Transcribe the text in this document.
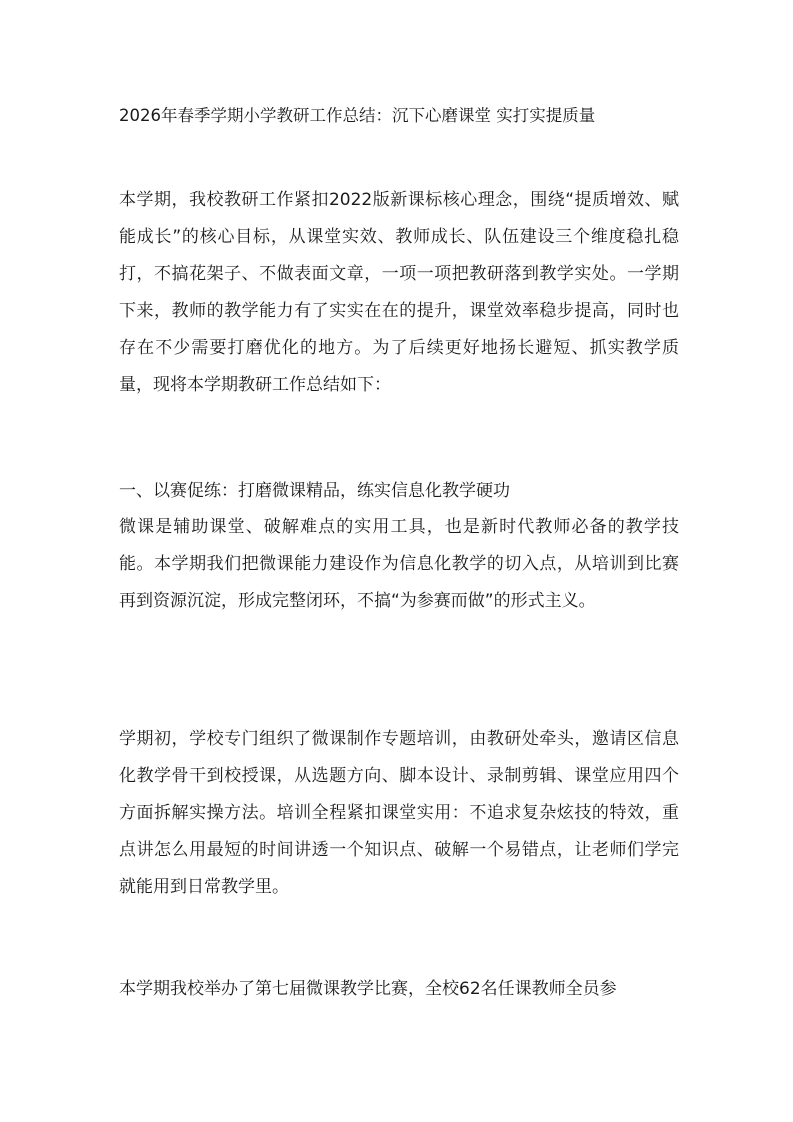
2026年春季学期小学教研工作总结：沉下心磨课堂 实打实提质量

本学期，我校教研工作紧扣2022版新课标核心理念，围绕“提质增效、赋能成长”的核心目标，从课堂实效、教师成长、队伍建设三个维度稳扎稳打，不搞花架子、不做表面文章，一项一项把教研落到教学实处。一学期下来，教师的教学能力有了实实在在的提升，课堂效率稳步提高，同时也存在不少需要打磨优化的地方。为了后续更好地扬长避短、抓实教学质量，现将本学期教研工作总结如下：

一、以赛促练：打磨微课精品，练实信息化教学硬功

微课是辅助课堂、破解难点的实用工具，也是新时代教师必备的教学技能。本学期我们把微课能力建设作为信息化教学的切入点，从培训到比赛再到资源沉淀，形成完整闭环，不搞“为参赛而做”的形式主义。

学期初，学校专门组织了微课制作专题培训，由教研处牵头，邀请区信息化教学骨干到校授课，从选题方向、脚本设计、录制剪辑、课堂应用四个方面拆解实操方法。培训全程紧扣课堂实用：不追求复杂炫技的特效，重点讲怎么用最短的时间讲透一个知识点、破解一个易错点，让老师们学完就能用到日常教学里。

本学期我校举办了第七届微课教学比赛，全校62名任课教师全员参
